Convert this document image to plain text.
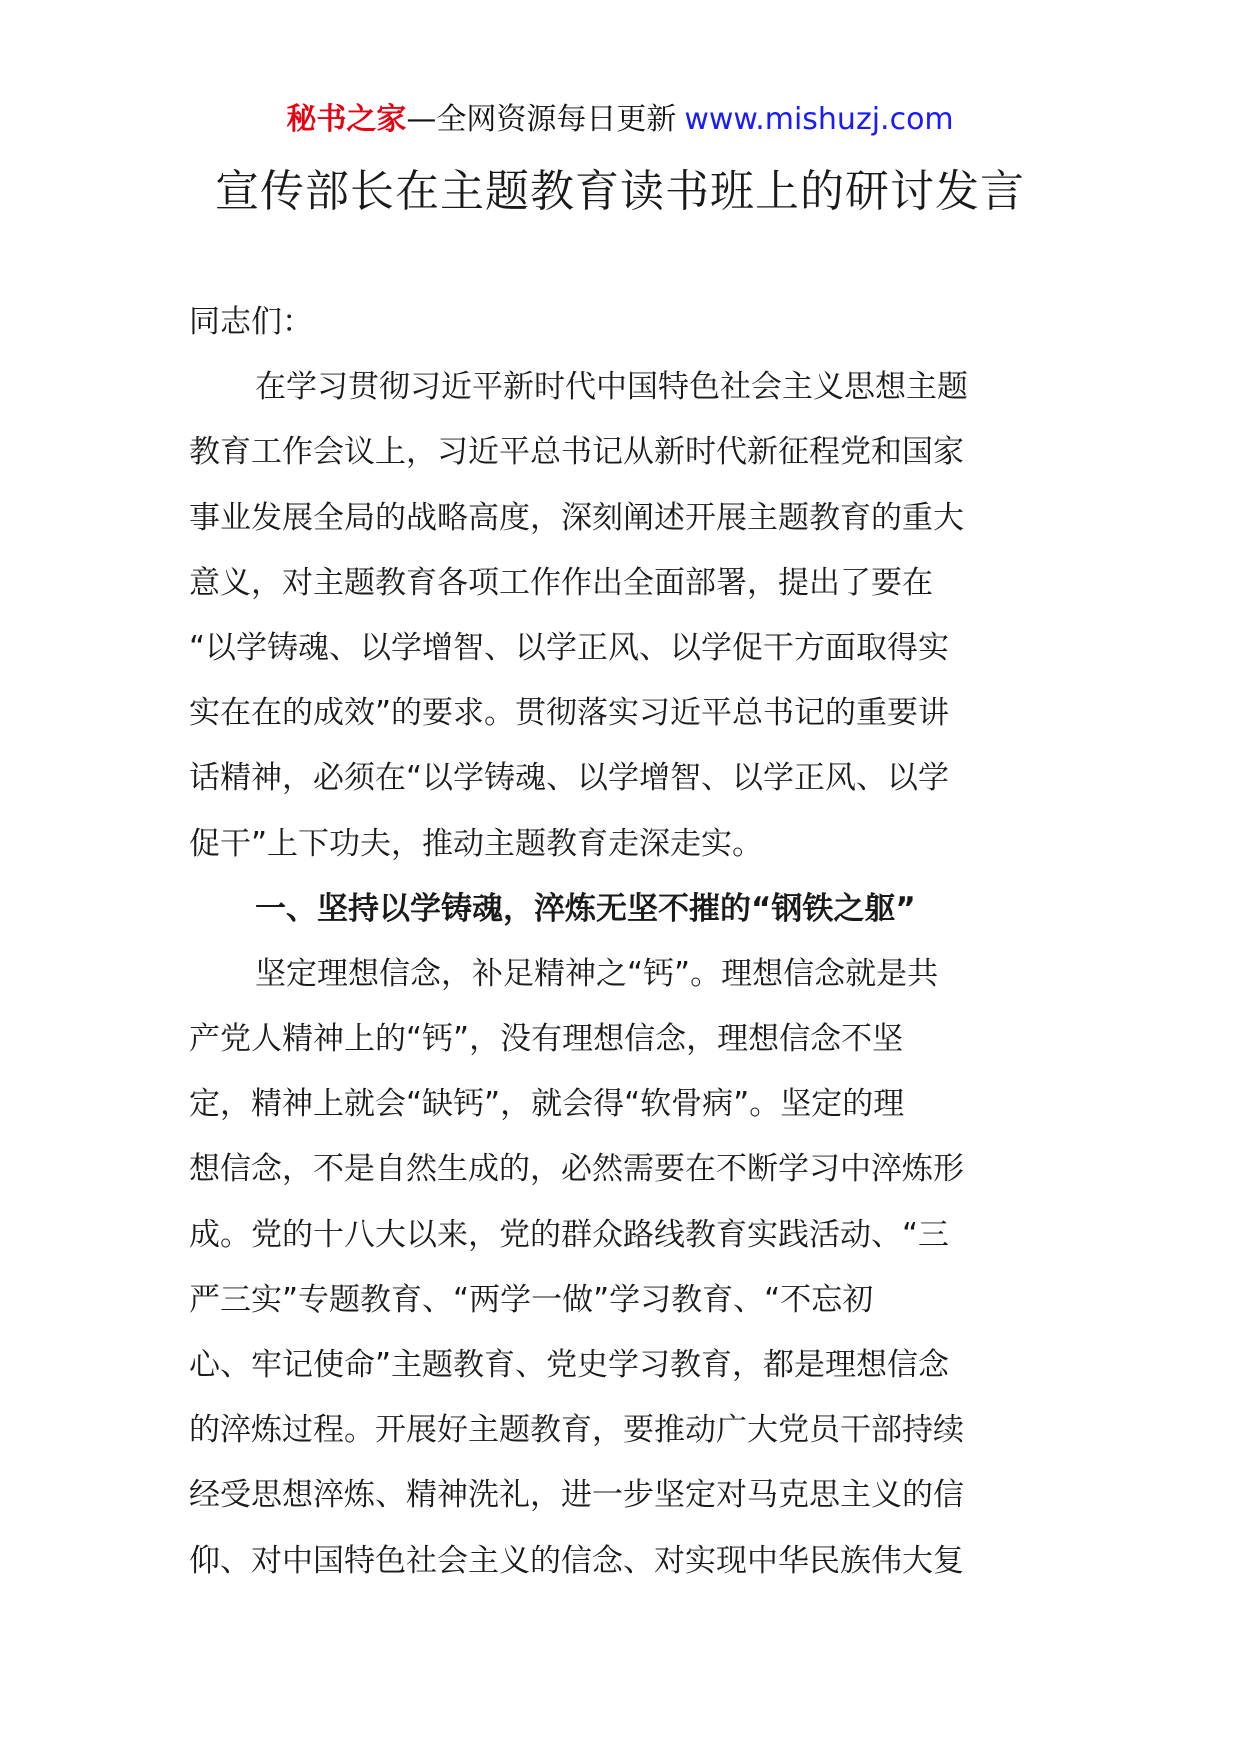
秘书之家—全网资源每日更新 www.mishuzj.com
宣传部长在主题教育读书班上的研讨发言

同志们：

在学习贯彻习近平新时代中国特色社会主义思想主题

教育工作会议上，习近平总书记从新时代新征程党和国家

事业发展全局的战略高度，深刻阐述开展主题教育的重大

意义，对主题教育各项工作作出全面部署，提出了要在

“以学铸魂、以学增智、以学正风、以学促干方面取得实

实在在的成效”的要求。贯彻落实习近平总书记的重要讲

话精神，必须在“以学铸魂、以学增智、以学正风、以学

促干”上下功夫，推动主题教育走深走实。

一、坚持以学铸魂，淬炼无坚不摧的“钢铁之躯”

坚定理想信念，补足精神之“钙”。理想信念就是共

产党人精神上的“钙”，没有理想信念，理想信念不坚

定，精神上就会“缺钙”，就会得“软骨病”。坚定的理

想信念，不是自然生成的，必然需要在不断学习中淬炼形

成。党的十八大以来，党的群众路线教育实践活动、“三

严三实”专题教育、“两学一做”学习教育、“不忘初

心、牢记使命”主题教育、党史学习教育，都是理想信念

的淬炼过程。开展好主题教育，要推动广大党员干部持续

经受思想淬炼、精神洗礼，进一步坚定对马克思主义的信

仰、对中国特色社会主义的信念、对实现中华民族伟大复
